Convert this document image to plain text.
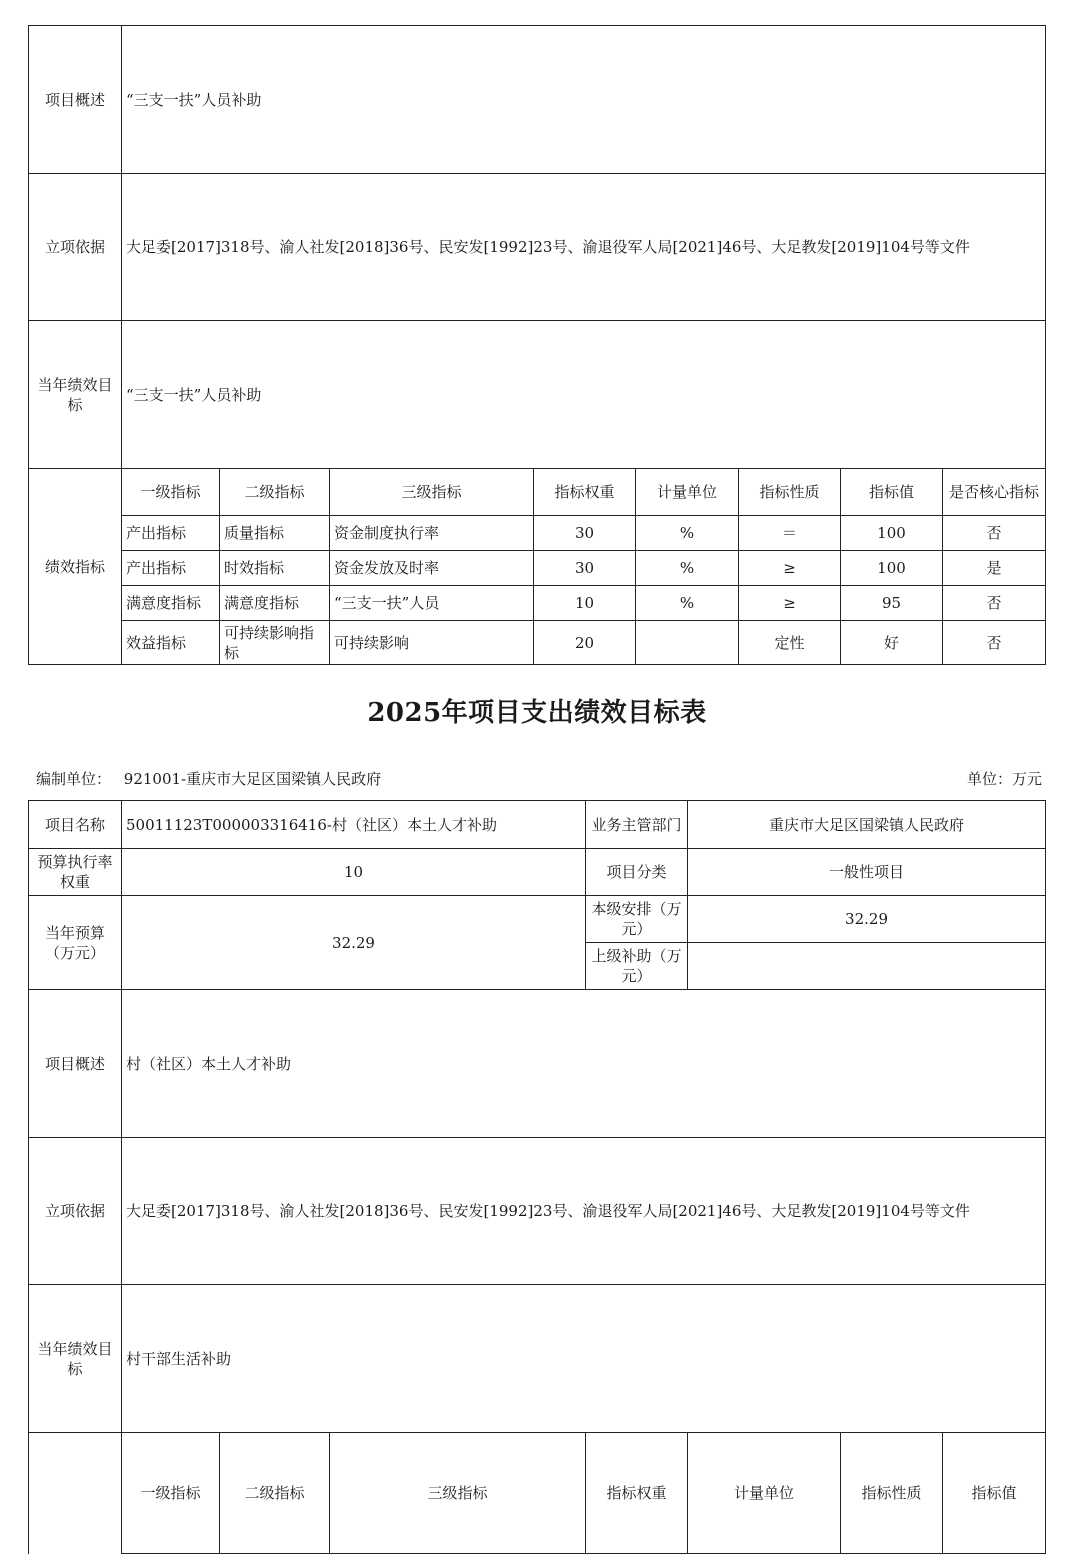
项目概述	“三支一扶”人员补助							
立项依据	大足委[2017]318号、渝人社发[2018]36号、民安发[1992]23号、渝退役军人局[2021]46号、大足教发[2019]104号等文件							
当年绩效目标	“三支一扶”人员补助							
绩效指标	一级指标	二级指标	三级指标	指标权重	计量单位	指标性质	指标值	是否核心指标
	产出指标	质量指标	资金制度执行率	30	%	＝	100	否
	产出指标	时效指标	资金发放及时率	30	%	≥	100	是
	满意度指标	满意度指标	“三支一扶”人员	10	%	≥	95	否
	效益指标	可持续影响指标	可持续影响	20		定性	好	否
2025年项目支出绩效目标表
编制单位： 921001-重庆市大足区国梁镇人民政府	单位：万元
项目名称	50011123T000003316416-村（社区）本土人才补助			业务主管部门	重庆市大足区国梁镇人民政府			
预算执行率权重	10			项目分类	一般性项目			
当年预算（万元）	32.29			本级安排（万元）	32.29			
				上级补助（万元）				
项目概述	村（社区）本土人才补助							
立项依据	大足委[2017]318号、渝人社发[2018]36号、民安发[1992]23号、渝退役军人局[2021]46号、大足教发[2019]104号等文件							
当年绩效目标	村干部生活补助							
	一级指标	二级指标	三级指标	指标权重	计量单位	指标性质	指标值	
